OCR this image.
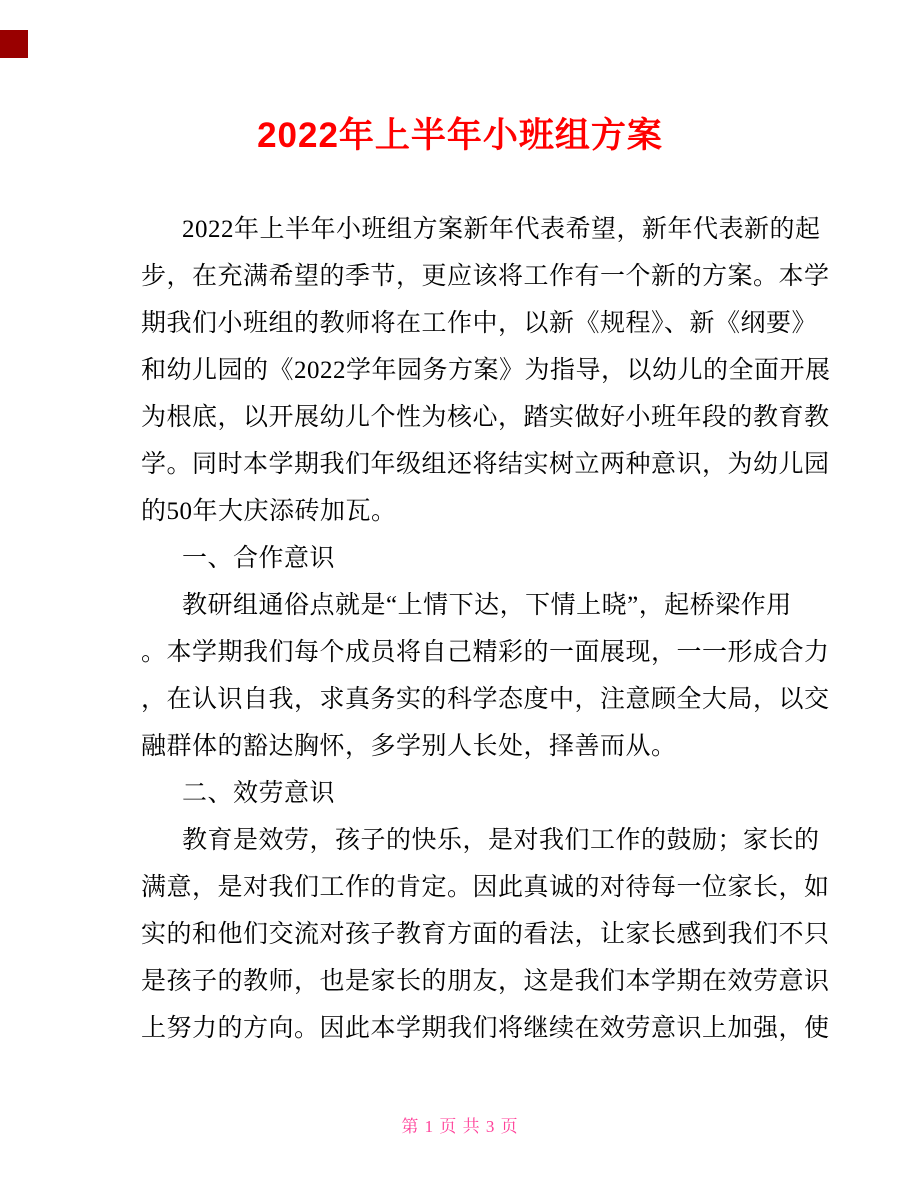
2022年上半年小班组方案
2022年上半年小班组方案新年代表希望，新年代表新的起
步，在充满希望的季节，更应该将工作有一个新的方案。本学
期我们小班组的教师将在工作中，以新《规程》、新《纲要》
和幼儿园的《2022学年园务方案》为指导，以幼儿的全面开展
为根底，以开展幼儿个性为核心，踏实做好小班年段的教育教
学。同时本学期我们年级组还将结实树立两种意识，为幼儿园
的50年大庆添砖加瓦。
一、合作意识
教研组通俗点就是“上情下达，下情上晓”，起桥梁作用
。本学期我们每个成员将自己精彩的一面展现，一一形成合力
，在认识自我，求真务实的科学态度中，注意顾全大局，以交
融群体的豁达胸怀，多学别人长处，择善而从。
二、效劳意识
教育是效劳，孩子的快乐，是对我们工作的鼓励；家长的
满意，是对我们工作的肯定。因此真诚的对待每一位家长，如
实的和他们交流对孩子教育方面的看法，让家长感到我们不只
是孩子的教师，也是家长的朋友，这是我们本学期在效劳意识
上努力的方向。因此本学期我们将继续在效劳意识上加强，使
第 1 页 共 3 页
